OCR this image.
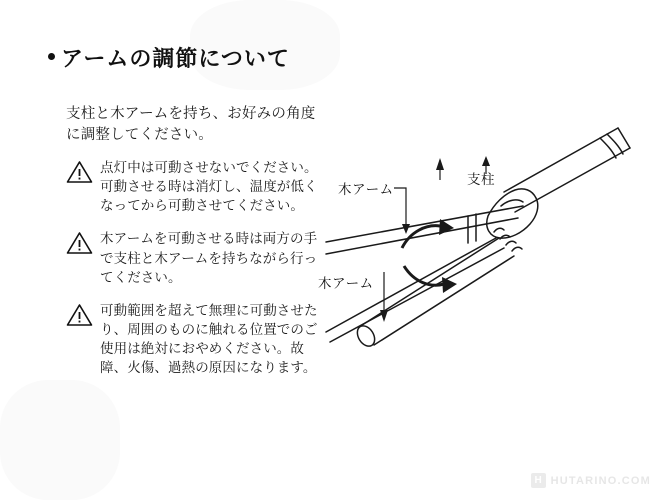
アームの調節について
支柱と木アームを持ち、お好みの角度に調整してください。
点灯中は可動させないでください。可動させる時は消灯し、温度が低くなってから可動させてください。
木アームを可動させる時は両方の手で支柱と木アームを持ちながら行ってください。
可動範囲を超えて無理に可動させたり、周囲のものに触れる位置でのご使用は絶対におやめください。故障、火傷、過熱の原因になります。
木アーム
支柱
木アーム
H HUTARINO.COM
